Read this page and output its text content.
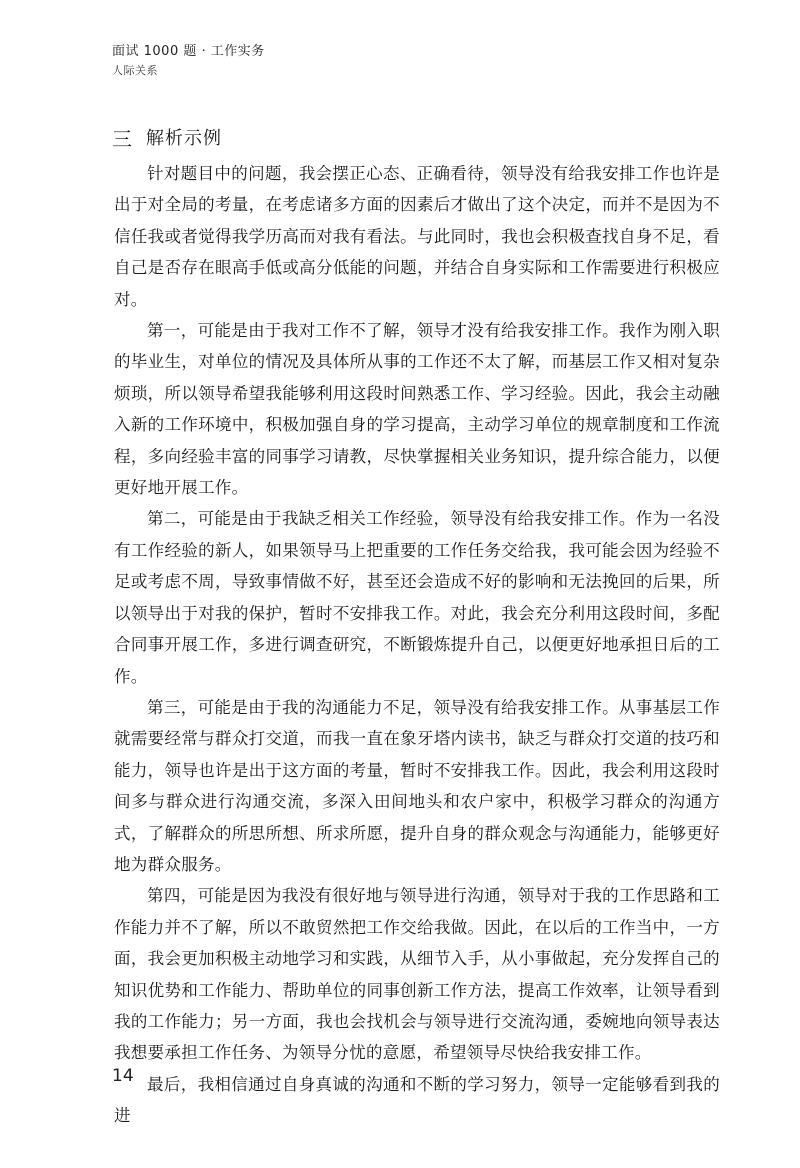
面试 1000 题 · 工作实务
人际关系
三 解析示例

针对题目中的问题，我会摆正心态、正确看待，领导没有给我安排工作也许是出于对全局的考量，在考虑诸多方面的因素后才做出了这个决定，而并不是因为不信任我或者觉得我学历高而对我有看法。与此同时，我也会积极查找自身不足，看自己是否存在眼高手低或高分低能的问题，并结合自身实际和工作需要进行积极应对。

第一，可能是由于我对工作不了解，领导才没有给我安排工作。我作为刚入职的毕业生，对单位的情况及具体所从事的工作还不太了解，而基层工作又相对复杂烦琐，所以领导希望我能够利用这段时间熟悉工作、学习经验。因此，我会主动融入新的工作环境中，积极加强自身的学习提高，主动学习单位的规章制度和工作流程，多向经验丰富的同事学习请教，尽快掌握相关业务知识，提升综合能力，以便更好地开展工作。

第二，可能是由于我缺乏相关工作经验，领导没有给我安排工作。作为一名没有工作经验的新人，如果领导马上把重要的工作任务交给我，我可能会因为经验不足或考虑不周，导致事情做不好，甚至还会造成不好的影响和无法挽回的后果，所以领导出于对我的保护，暂时不安排我工作。对此，我会充分利用这段时间，多配合同事开展工作，多进行调查研究，不断锻炼提升自己，以便更好地承担日后的工作。

第三，可能是由于我的沟通能力不足，领导没有给我安排工作。从事基层工作就需要经常与群众打交道，而我一直在象牙塔内读书，缺乏与群众打交道的技巧和能力，领导也许是出于这方面的考量，暂时不安排我工作。因此，我会利用这段时间多与群众进行沟通交流，多深入田间地头和农户家中，积极学习群众的沟通方式，了解群众的所思所想、所求所愿，提升自身的群众观念与沟通能力，能够更好地为群众服务。

第四，可能是因为我没有很好地与领导进行沟通，领导对于我的工作思路和工作能力并不了解，所以不敢贸然把工作交给我做。因此，在以后的工作当中，一方面，我会更加积极主动地学习和实践，从细节入手，从小事做起，充分发挥自己的知识优势和工作能力、帮助单位的同事创新工作方法，提高工作效率，让领导看到我的工作能力；另一方面，我也会找机会与领导进行交流沟通，委婉地向领导表达我想要承担工作任务、为领导分忧的意愿，希望领导尽快给我安排工作。

最后，我相信通过自身真诚的沟通和不断的学习努力，领导一定能够看到我的进

14
